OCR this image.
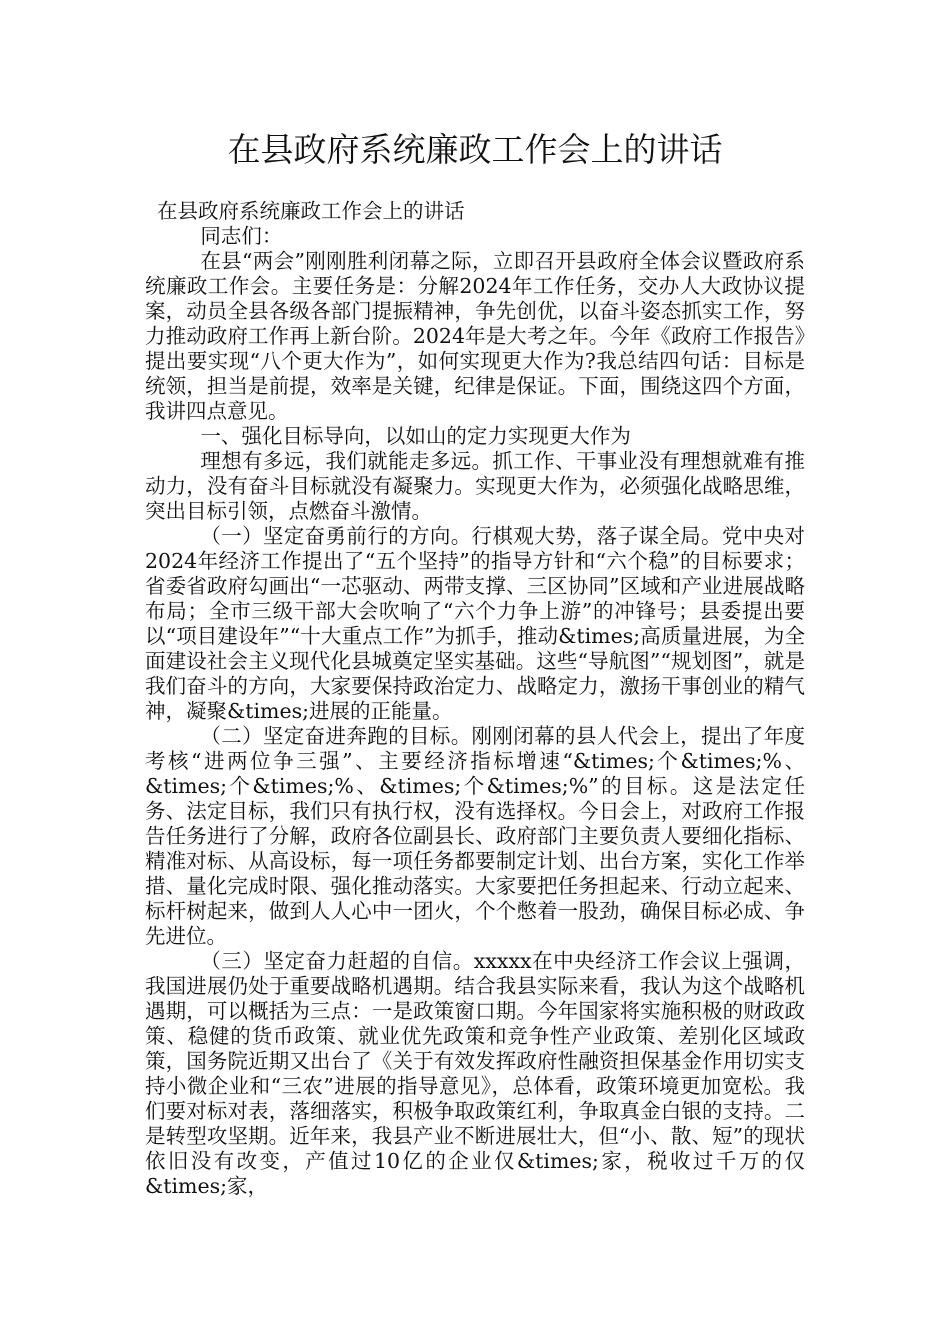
在县政府系统廉政工作会上的讲话

在县政府系统廉政工作会上的讲话

同志们：

在县“两会”刚刚胜利闭幕之际，立即召开县政府全体会议暨政府系统廉政工作会。主要任务是：分解2024年工作任务，交办人大政协议提案，动员全县各级各部门提振精神，争先创优，以奋斗姿态抓实工作，努力推动政府工作再上新台阶。2024年是大考之年。今年《政府工作报告》提出要实现“八个更大作为”，如何实现更大作为?我总结四句话：目标是统领，担当是前提，效率是关键，纪律是保证。下面，围绕这四个方面，我讲四点意见。

一、强化目标导向，以如山的定力实现更大作为

理想有多远，我们就能走多远。抓工作、干事业没有理想就难有推动力，没有奋斗目标就没有凝聚力。实现更大作为，必须强化战略思维，突出目标引领，点燃奋斗激情。

（一）坚定奋勇前行的方向。行棋观大势，落子谋全局。党中央对2024年经济工作提出了“五个坚持”的指导方针和“六个稳”的目标要求；省委省政府勾画出“一芯驱动、两带支撑、三区协同”区域和产业进展战略布局；全市三级干部大会吹响了“六个力争上游”的冲锋号；县委提出要以“项目建设年”“十大重点工作”为抓手，推动&times;高质量进展，为全面建设社会主义现代化县城奠定坚实基础。这些“导航图”“规划图”，就是我们奋斗的方向，大家要保持政治定力、战略定力，激扬干事创业的精气神，凝聚&times;进展的正能量。

（二）坚定奋进奔跑的目标。刚刚闭幕的县人代会上，提出了年度考核“进两位争三强”、主要经济指标增速“&times;个&times;%、&times;个&times;%、&times;个&times;%”的目标。这是法定任务、法定目标，我们只有执行权，没有选择权。今日会上，对政府工作报告任务进行了分解，政府各位副县长、政府部门主要负责人要细化指标、精准对标、从高设标，每一项任务都要制定计划、出台方案，实化工作举措、量化完成时限、强化推动落实。大家要把任务担起来、行动立起来、标杆树起来，做到人人心中一团火，个个憋着一股劲，确保目标必成、争先进位。

（三）坚定奋力赶超的自信。xxxxx在中央经济工作会议上强调，我国进展仍处于重要战略机遇期。结合我县实际来看，我认为这个战略机遇期，可以概括为三点：一是政策窗口期。今年国家将实施积极的财政政策、稳健的货币政策、就业优先政策和竞争性产业政策、差别化区域政策，国务院近期又出台了《关于有效发挥政府性融资担保基金作用切实支持小微企业和“三农”进展的指导意见》，总体看，政策环境更加宽松。我们要对标对表，落细落实，积极争取政策红利，争取真金白银的支持。二是转型攻坚期。近年来，我县产业不断进展壮大，但“小、散、短”的现状依旧没有改变，产值过10亿的企业仅&times;家，税收过千万的仅&times;家，
